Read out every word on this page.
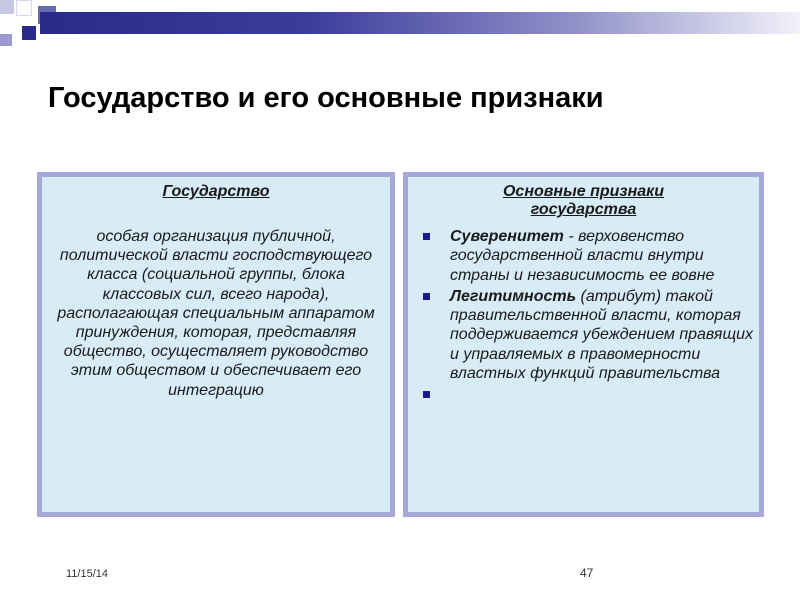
Государство и его основные признаки

Государство

особая организация публичной, политической власти господствующего класса (социальной группы, блока классовых сил, всего народа), располагающая специальным аппаратом принуждения, которая, представляя общество, осуществляет руководство этим обществом и обеспечивает его интеграцию

Основные признаки
государства

Суверенитет - верховенство государственной власти внутри страны и независимость ее вовне
Легитимность (атрибут) такой правительственной власти, которая поддерживается убеждением правящих и управляемых в правомерности властных функций правительства
11/15/14	47
